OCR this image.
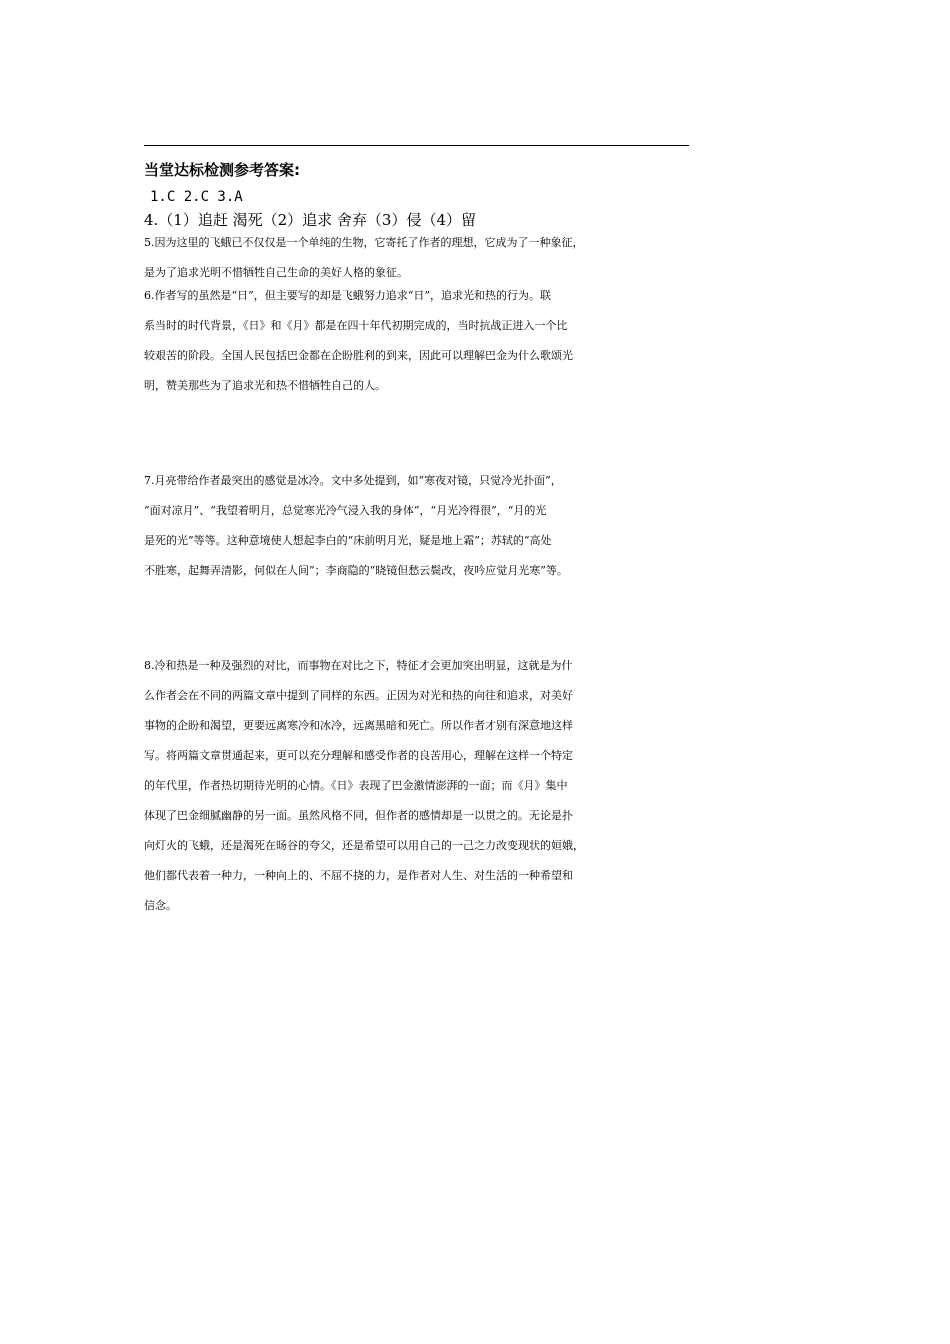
当堂达标检测参考答案:
1.C 2.C 3.A
4.（1）追赶 渴死（2）追求 舍弃（3）侵（4）留
5.因为这里的飞蛾已不仅仅是一个单纯的生物，它寄托了作者的理想，它成为了一种象征，
是为了追求光明不惜牺牲自己生命的美好人格的象征。
6.作者写的虽然是“日”，但主要写的却是飞蛾努力追求“日”，追求光和热的行为。联
系当时的时代背景，《日》和《月》都是在四十年代初期完成的，当时抗战正进入一个比
较艰苦的阶段。全国人民包括巴金都在企盼胜利的到来，因此可以理解巴金为什么歌颂光
明，赞美那些为了追求光和热不惜牺牲自己的人。
7.月亮带给作者最突出的感觉是冰冷。文中多处提到，如“寒夜对镜，只觉冷光扑面”，
“面对凉月”、“我望着明月，总觉寒光冷气浸入我的身体”，“月光冷得很”，“月的光
是死的光”等等。这种意境使人想起李白的“床前明月光，疑是地上霜”；苏轼的“高处
不胜寒，起舞弄清影，何似在人间”；李商隐的“晓镜但愁云鬓改，夜吟应觉月光寒”等。
8.冷和热是一种及强烈的对比，而事物在对比之下，特征才会更加突出明显，这就是为什
么作者会在不同的两篇文章中提到了同样的东西。正因为对光和热的向往和追求，对美好
事物的企盼和渴望，更要远离寒冷和冰冷，远离黑暗和死亡。所以作者才别有深意地这样
写。将两篇文章贯通起来，更可以充分理解和感受作者的良苦用心，理解在这样一个特定
的年代里，作者热切期待光明的心情。《日》表现了巴金激情澎湃的一面；而《月》集中
体现了巴金细腻幽静的另一面。虽然风格不同，但作者的感情却是一以贯之的。无论是扑
向灯火的飞蛾，还是渴死在旸谷的夸父，还是希望可以用自己的一己之力改变现状的姮娥，
他们都代表着一种力，一种向上的、不屈不挠的力，是作者对人生、对生活的一种希望和
信念。
